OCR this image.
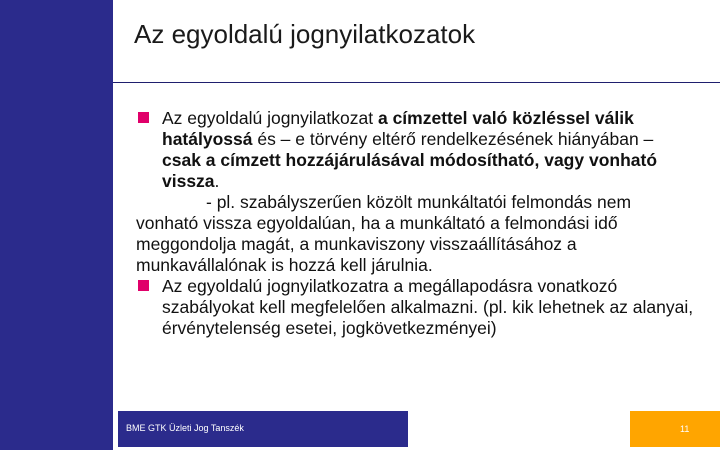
Az egyoldalú jognyilatkozatok
Az egyoldalú jognyilatkozat a címzettel való közléssel válik hatályossá és – e törvény eltérő rendelkezésének hiányában – csak a címzett hozzájárulásával módosítható, vagy vonható vissza.
- pl. szabályszerűen közölt munkáltatói felmondás nem vonható vissza egyoldalúan, ha a munkáltató a felmondási idő meggondolja magát, a munkaviszony visszaállításához a munkavállalónak is hozzá kell járulnia.
Az egyoldalú jognyilatkozatra a megállapodásra vonatkozó szabályokat kell megfelelően alkalmazni. (pl. kik lehetnek az alanyai, érvénytelenség esetei, jogkövetkezményei)
BME GTK Üzleti Jog Tanszék	11
